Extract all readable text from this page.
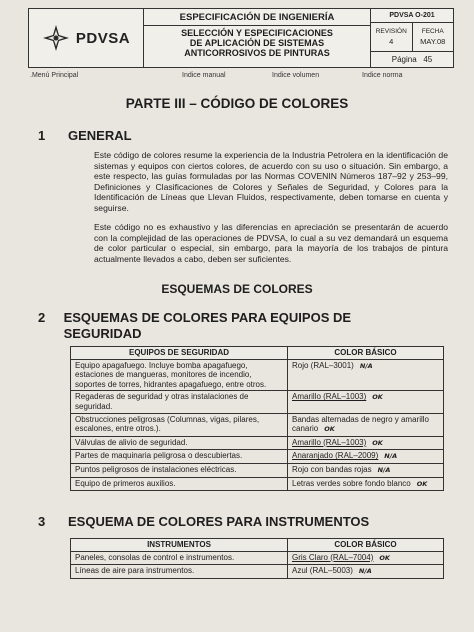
PDVSA
ESPECIFICACIÓN DE INGENIERÍA
SELECCIÓN Y ESPECIFICACIONES
DE APLICACIÓN DE SISTEMAS
ANTICORROSIVOS DE PINTURAS
PDVSA O-201
REVISIÓN
4
FECHA
MAY.08
Página 45
.Menú Principal	Indice manual	Indice volumen	Indice norma
PARTE III – CÓDIGO DE COLORES
1	GENERAL
Este código de colores resume la experiencia de la Industria Petrolera en la identificación de sistemas y equipos con ciertos colores, de acuerdo con su uso o situación. Sin embargo, a este respecto, las guías formuladas por las Normas COVENIN Números 187–92 y 253–99, Definiciones y Clasificaciones de Colores y Señales de Seguridad, y Colores para la Identificación de Líneas que Llevan Fluidos, respectivamente, deben tomarse en cuenta y seguirse.
Este código no es exhaustivo y las diferencias en apreciación se presentarán de acuerdo con la complejidad de las operaciones de PDVSA, lo cual a su vez demandará un esquema de color particular o especial, sin embargo, para la mayoría de los trabajos de pintura actualmente llevados a cabo, deben ser suficientes.
ESQUEMAS DE COLORES
2	ESQUEMAS DE COLORES PARA EQUIPOS DE SEGURIDAD
EQUIPOS DE SEGURIDAD	COLOR BÁSICO
Equipo apagafuego. Incluye bomba apagafuego, estaciones de mangueras, monitores de incendio, soportes de torres, hidrantes apagafuego, entre otros.	Rojo (RAL–3001) N/A
Regaderas de seguridad y otras instalaciones de seguridad.	Amarillo (RAL–1003) OK
Obstrucciones peligrosas (Columnas, vigas, pilares, escalones, entre otros.).	Bandas alternadas de negro y amarillo canario OK
Válvulas de alivio de seguridad.	Amarillo (RAL–1003) OK
Partes de maquinaria peligrosa o descubiertas.	Anaranjado (RAL–2009) N/A
Puntos peligrosos de instalaciones eléctricas.	Rojo con bandas rojas N/A
Equipo de primeros auxilios.	Letras verdes sobre fondo blanco OK
3	ESQUEMA DE COLORES PARA INSTRUMENTOS
INSTRUMENTOS	COLOR BÁSICO
Paneles, consolas de control e instrumentos.	Gris Claro (RAL–7004) OK
Líneas de aire para instrumentos.	Azul (RAL–5003) N/A
